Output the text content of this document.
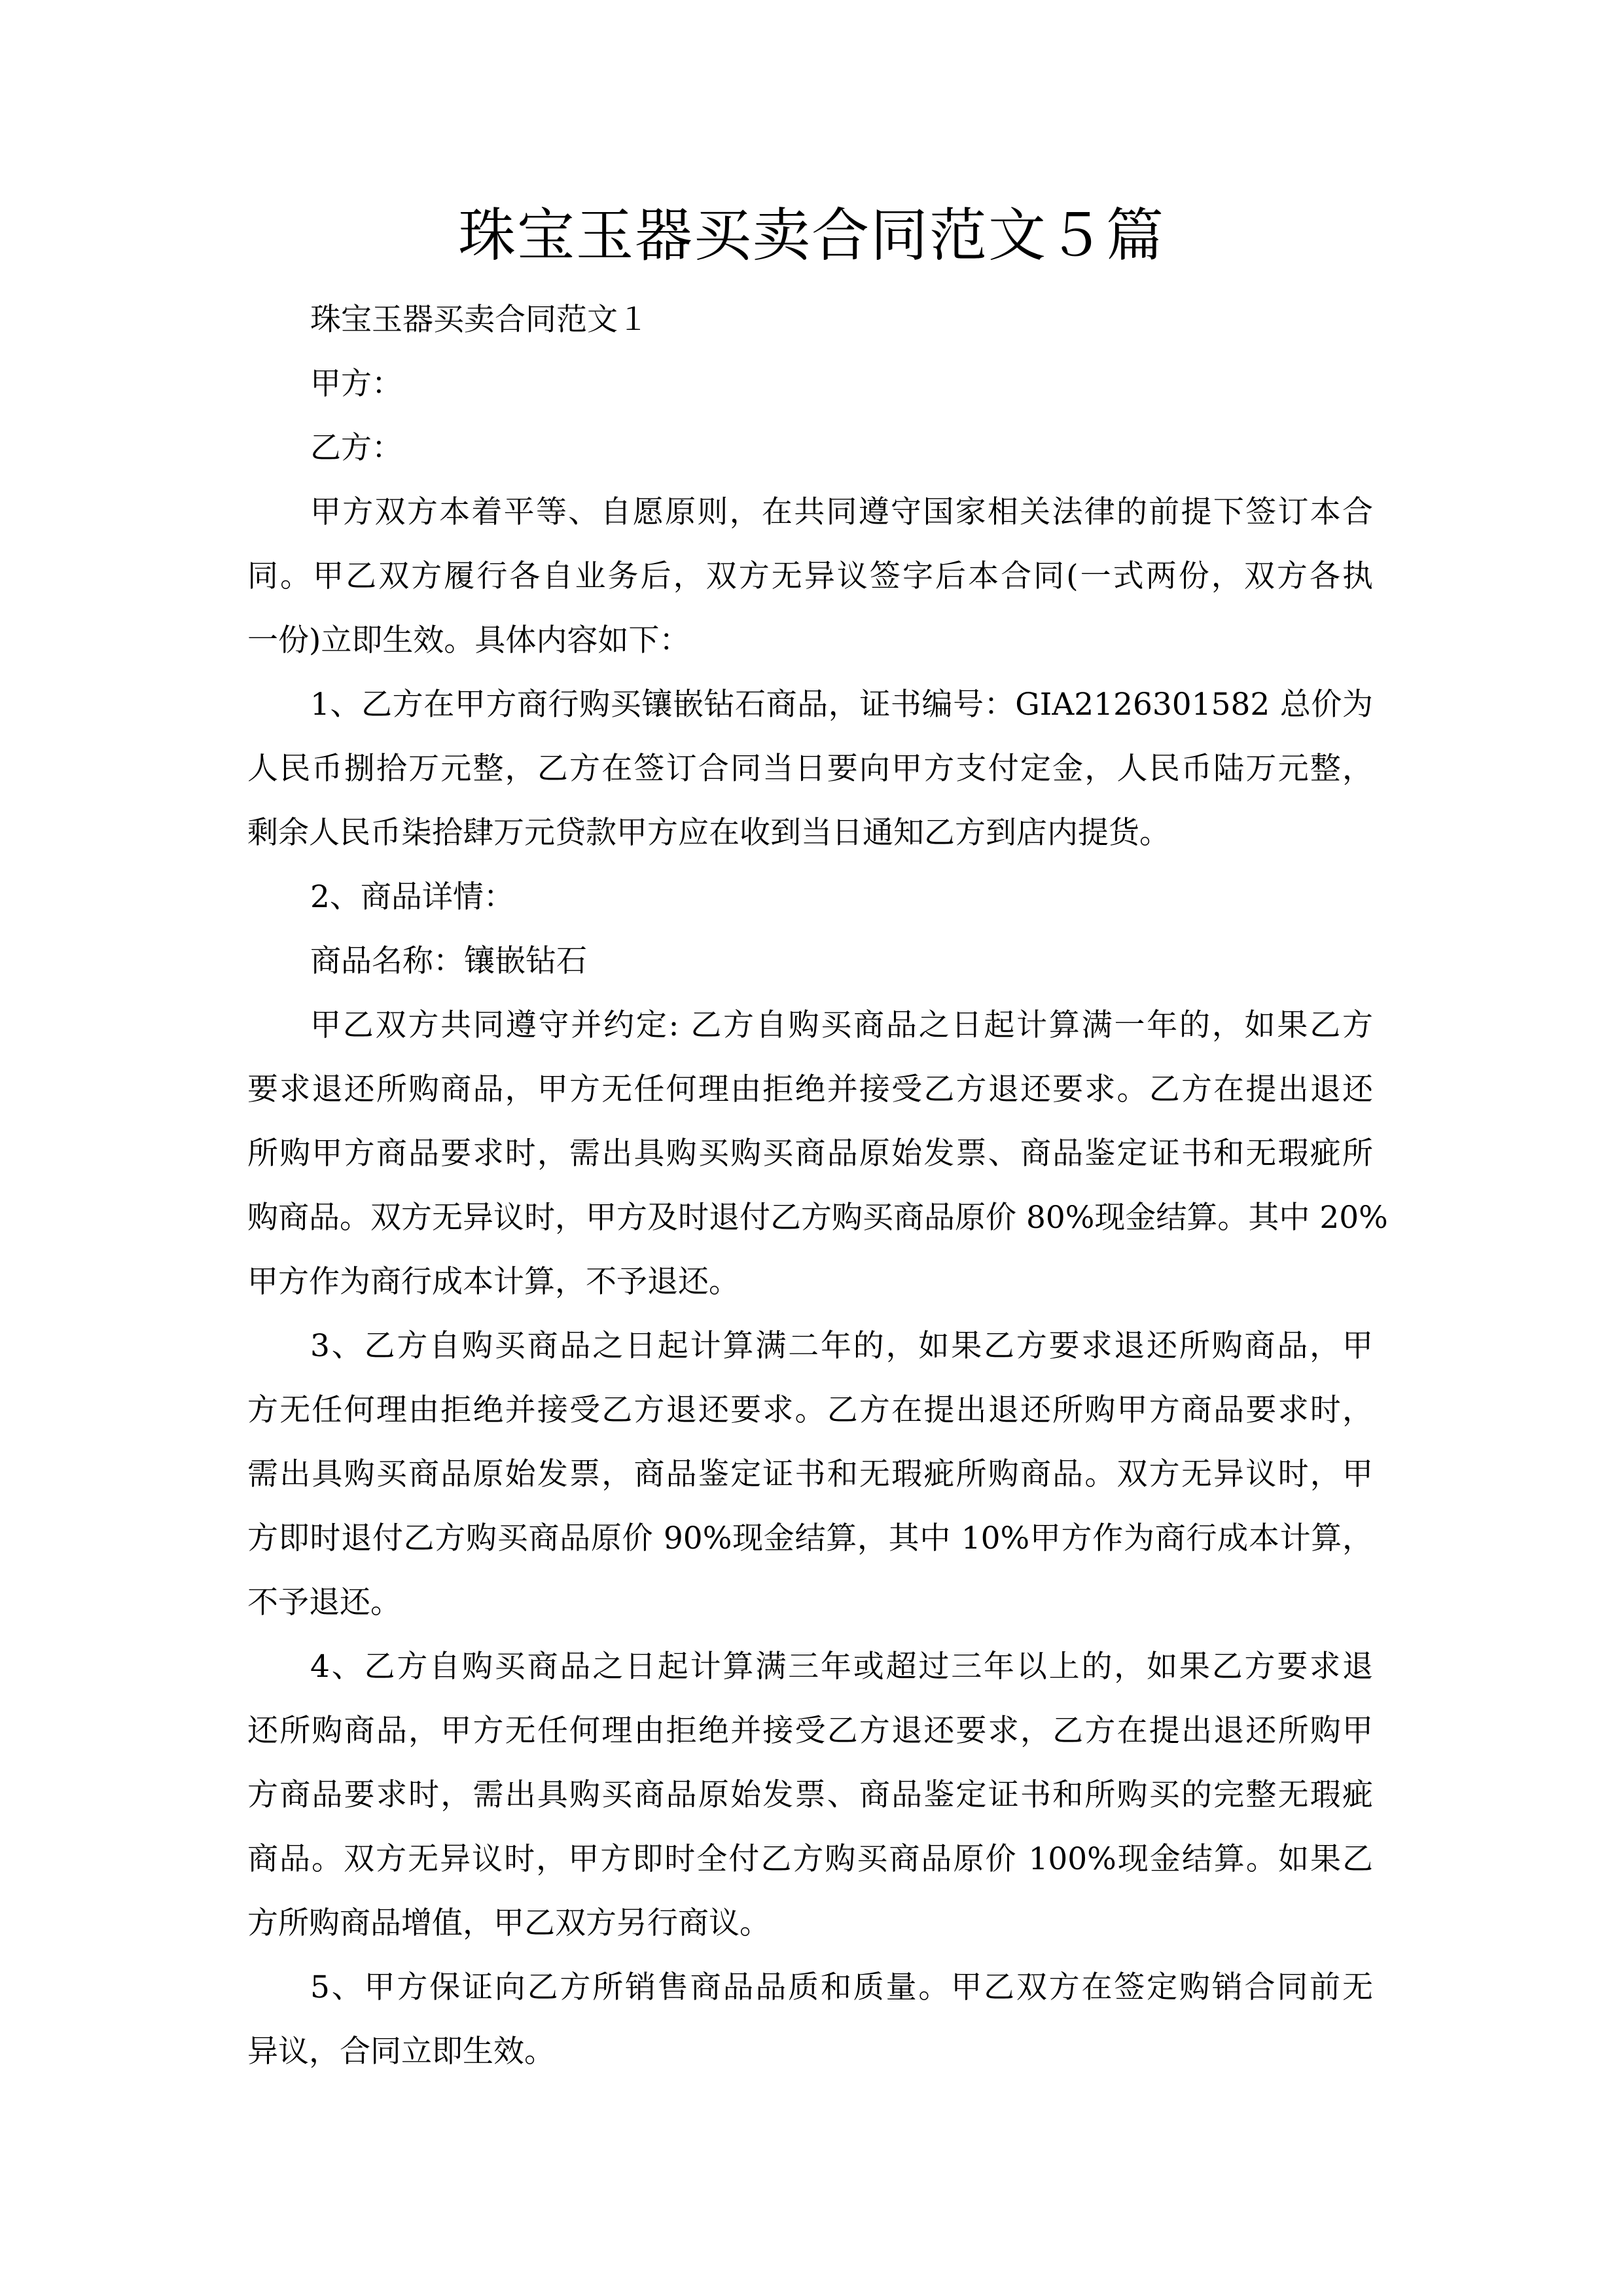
珠宝玉器买卖合同范文５篇
珠宝玉器买卖合同范文１
甲方：
乙方：
甲方双方本着平等、自愿原则，在共同遵守国家相关法律的前提下签订本合
同。甲乙双方履行各自业务后，双方无异议签字后本合同(一式两份，双方各执
一份)立即生效。具体内容如下：
1、乙方在甲方商行购买镶嵌钻石商品，证书编号：GIA2126301582 总价为
人民币捌拾万元整，乙方在签订合同当日要向甲方支付定金，人民币陆万元整，
剩余人民币柒拾肆万元贷款甲方应在收到当日通知乙方到店内提货。
2、商品详情：
商品名称：镶嵌钻石
甲乙双方共同遵守并约定: 乙方自购买商品之日起计算满一年的，如果乙方
要求退还所购商品，甲方无任何理由拒绝并接受乙方退还要求。乙方在提出退还
所购甲方商品要求时，需出具购买购买商品原始发票、商品鉴定证书和无瑕疵所
购商品。双方无异议时，甲方及时退付乙方购买商品原价 80%现金结算。其中 20%
甲方作为商行成本计算，不予退还。
3、乙方自购买商品之日起计算满二年的，如果乙方要求退还所购商品，甲
方无任何理由拒绝并接受乙方退还要求。乙方在提出退还所购甲方商品要求时，
需出具购买商品原始发票，商品鉴定证书和无瑕疵所购商品。双方无异议时，甲
方即时退付乙方购买商品原价 90%现金结算，其中 10%甲方作为商行成本计算，
不予退还。
4、乙方自购买商品之日起计算满三年或超过三年以上的，如果乙方要求退
还所购商品，甲方无任何理由拒绝并接受乙方退还要求，乙方在提出退还所购甲
方商品要求时，需出具购买商品原始发票、商品鉴定证书和所购买的完整无瑕疵
商品。双方无异议时，甲方即时全付乙方购买商品原价 100%现金结算。如果乙
方所购商品增值，甲乙双方另行商议。
5、甲方保证向乙方所销售商品品质和质量。甲乙双方在签定购销合同前无
异议，合同立即生效。
